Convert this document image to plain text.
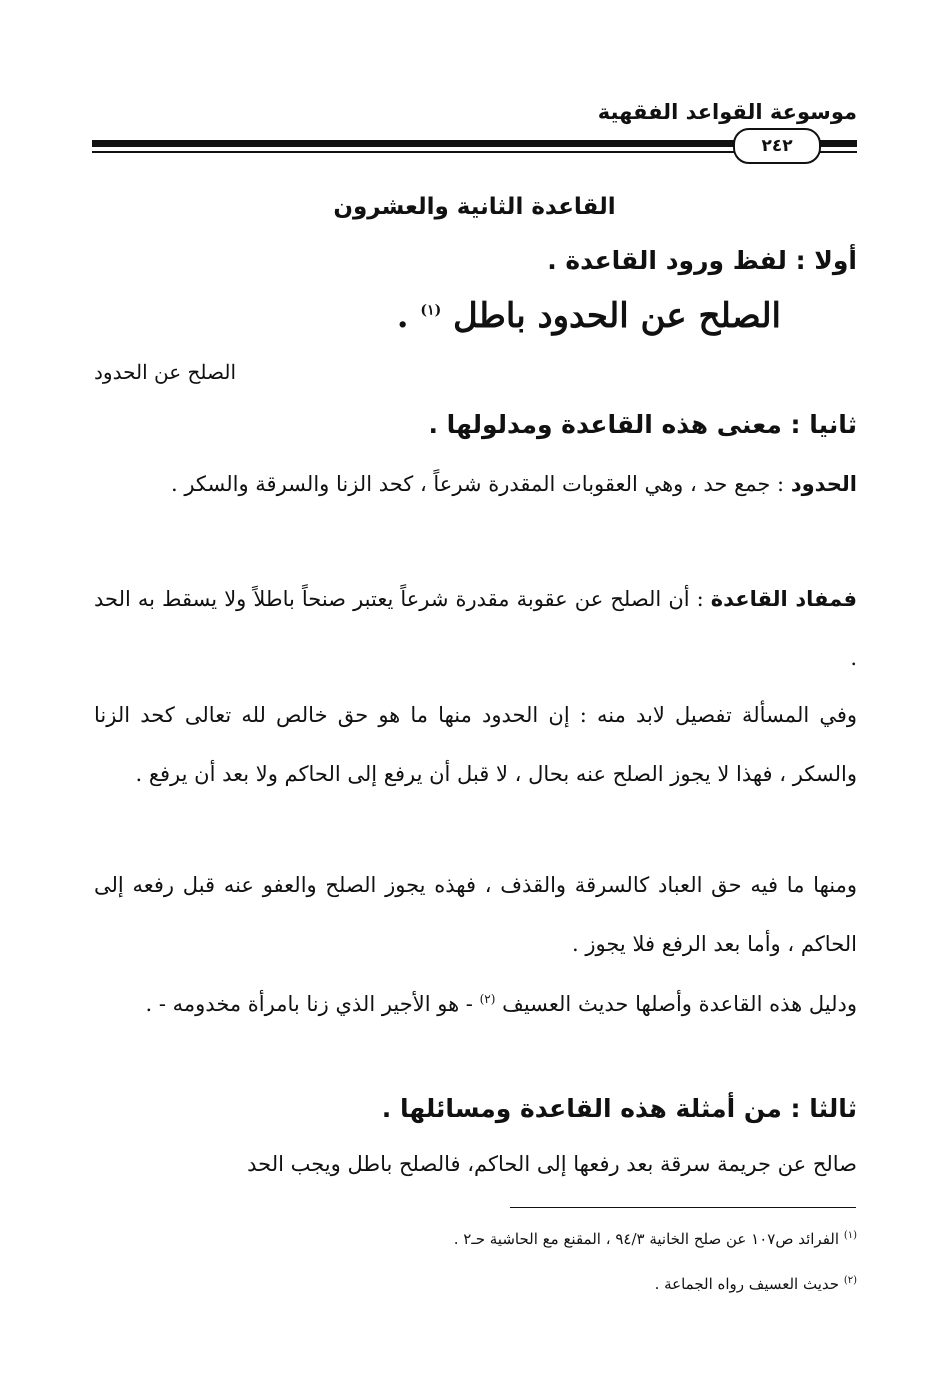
موسوعة القواعد الفقهية
٢٤٢
القاعدة الثانية والعشرون
أولا : لفظ ورود القاعدة .
الصلح عن الحدود باطل $^{(١)}$ .
الصلح عن الحدود
ثانيا : معنى هذه القاعدة ومدلولها .
الحدود : جمع حد ، وهي العقوبات المقدرة شرعاً ، كحد الزنا والسرقة والسكر .
فمفاد القاعدة : أن الصلح عن عقوبة مقدرة شرعاً يعتبر صنحاً باطلاً ولا يسقط به الحد .
وفي المسألة تفصيل لابد منه : إن الحدود منها ما هو حق خالص لله تعالى كحد الزنا والسكر ، فهذا لا يجوز الصلح عنه بحال ، لا قبل أن يرفع إلى الحاكم ولا بعد أن يرفع .
ومنها ما فيه حق العباد كالسرقة والقذف ، فهذه يجوز الصلح والعفو عنه قبل رفعه إلى الحاكم ، وأما بعد الرفع فلا يجوز .
ودليل هذه القاعدة وأصلها حديث العسيف $^{(٢)}$ - هو الأجير الذي زنا بامرأة مخدومه - .
ثالثا : من أمثلة هذه القاعدة ومسائلها .
صالح عن جريمة سرقة بعد رفعها إلى الحاكم، فالصلح باطل ويجب الحد
$^{(١)}$ الفرائد ص١٠٧ عن صلح الخانية ٩٤/٣ ، المقنع مع الحاشية حـ٢ .
$^{(٢)}$ حديث العسيف رواه الجماعة .
